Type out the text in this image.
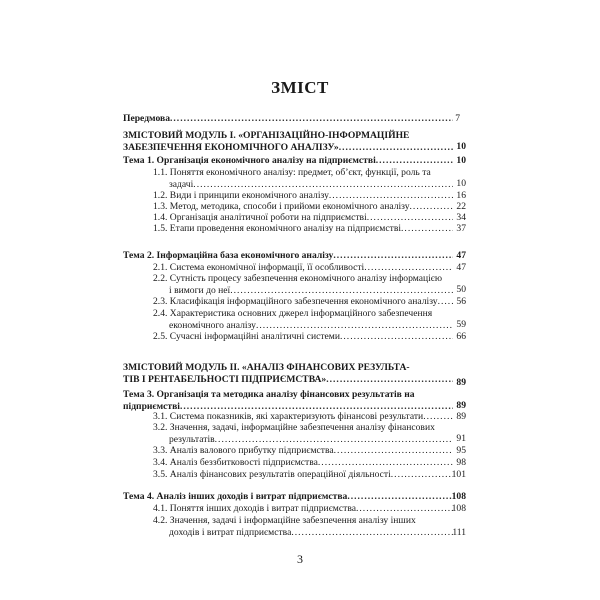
ЗМІСТ
Передмова .....	7
ЗМІСТОВИЙ МОДУЛЬ І. «ОРГАНІЗАЦІЙНО-ІНФОРМАЦІЙНЕ
ЗАБЕЗПЕЧЕННЯ ЕКОНОМІЧНОГО АНАЛІЗУ» .....	10
Тема 1. Організація економічного аналізу на підприємстві .....	10
1.1. Поняття економічного аналізу: предмет, об’єкт, функції, роль та
задачі .....	10
1.2. Види і принципи економічного аналізу .....	16
1.3. Метод, методика, способи і прийоми економічного аналізу .....	22
1.4. Організація аналітичної роботи на підприємстві .....	34
1.5. Етапи проведення економічного аналізу на підприємстві .....	37
Тема 2. Інформаційна база економічного аналізу .....	47
2.1. Система економічної інформації, її особливості .....	47
2.2. Сутність процесу забезпечення економічного аналізу інформацією
і вимоги до неї .....	50
2.3. Класифікація інформаційного забезпечення економічного аналізу .....	56
2.4. Характеристика основних джерел інформаційного забезпечення
економічного аналізу .....	59
2.5. Сучасні інформаційні аналітичні системи .....	66
ЗМІСТОВИЙ МОДУЛЬ ІІ. «АНАЛІЗ ФІНАНСОВИХ РЕЗУЛЬТА-
ТІВ І РЕНТАБЕЛЬНОСТІ ПІДПРИЄМСТВА» .....	89
Тема 3. Організація та методика аналізу фінансових результатів на
підприємстві .....	89
3.1. Система показників, які характеризують фінансові результати .....	89
3.2. Значення, задачі, інформаційне забезпечення аналізу фінансових
результатів .....	91
3.3. Аналіз валового прибутку підприємства .....	95
3.4. Аналіз беззбитковості підприємства .....	98
3.5. Аналіз фінансових результатів операційної діяльності .....	101
Тема 4. Аналіз інших доходів і витрат підприємства .....	108
4.1. Поняття інших доходів і витрат підприємства .....	108
4.2. Значення, задачі і інформаційне забезпечення аналізу інших
доходів і витрат підприємства .....	111
3
